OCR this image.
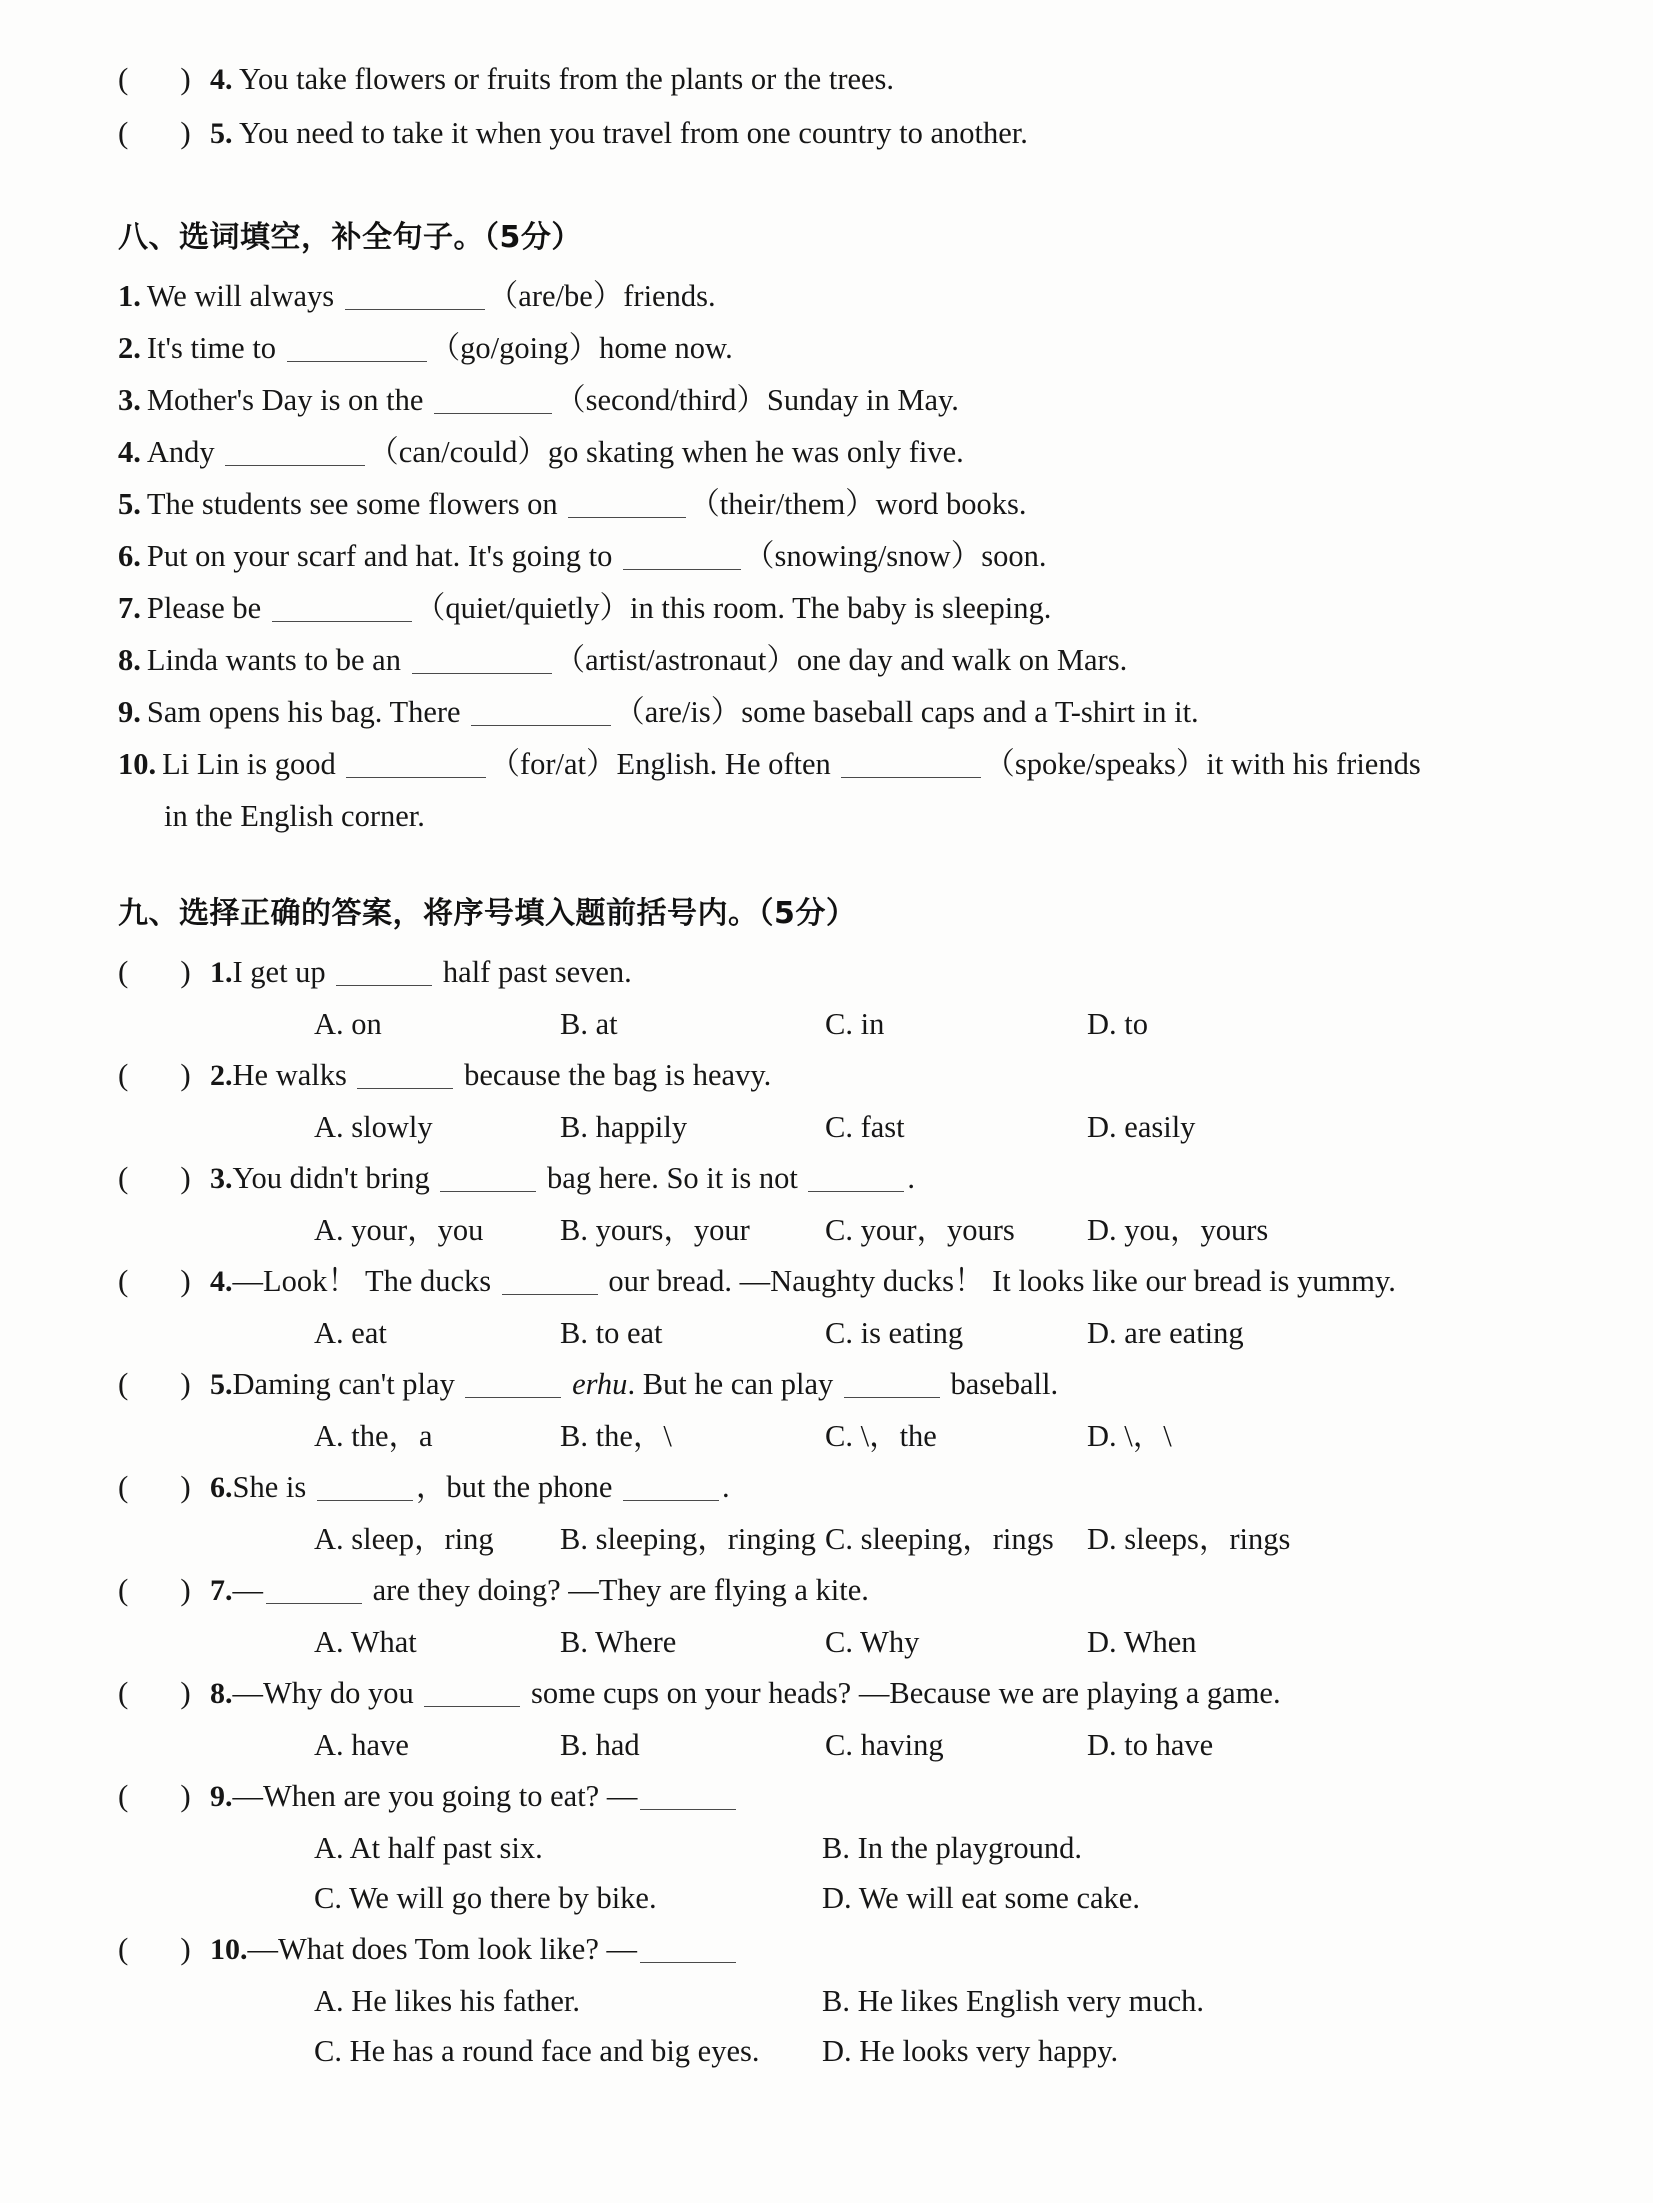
( ) 4. You take flowers or fruits from the plants or the trees.
( ) 5. You need to take it when you travel from one country to another.
八、选词填空，补全句子。（5分）
1. We will always	（are/be）friends.
2. It's time to	（go/going）home now.
3. Mother's Day is on the	（second/third）Sunday in May.
4. Andy	（can/could）go skating when he was only five.
5. The students see some flowers on	（their/them）word books.
6. Put on your scarf and hat. It's going to	（snowing/snow）soon.
7. Please be	（quiet/quietly）in this room. The baby is sleeping.
8. Linda wants to be an	（artist/astronaut）one day and walk on Mars.
9. Sam opens his bag. There	（are/is）some baseball caps and a T-shirt in it.
10. Li Lin is good	（for/at）English. He often	（spoke/speaks）it with his friends
in the English corner.
九、选择正确的答案，将序号填入题前括号内。（5分）
( ) 1. I get up	half past seven.
A. on	B. at	C. in	D. to
( ) 2. He walks	because the bag is heavy.
A. slowly	B. happily	C. fast	D. easily
( ) 3. You didn't bring	bag here. So it is not	.
A. your，you	B. yours，your	C. your，yours	D. you，yours
( ) 4. —Look！ The ducks	our bread. —Naughty ducks！ It looks like our bread is yummy.
A. eat	B. to eat	C. is eating	D. are eating
( ) 5. Daming can't play	erhu. But he can play	baseball.
A. the，a	B. the，\	C. \，the	D. \，\
( ) 6. She is	，but the phone	.
A. sleep，ring	B. sleeping，ringing C. sleeping，rings	D. sleeps，rings
( ) 7. —	are they doing? —They are flying a kite.
A. What	B. Where	C. Why	D. When
( ) 8. —Why do you	some cups on your heads? —Because we are playing a game.
A. have	B. had	C. having	D. to have
( ) 9. —When are you going to eat? —
A. At half past six.	B. In the playground.
C. We will go there by bike.	D. We will eat some cake.
( ) 10. —What does Tom look like? —
A. He likes his father.	B. He likes English very much.
C. He has a round face and big eyes.	D. He looks very happy.
